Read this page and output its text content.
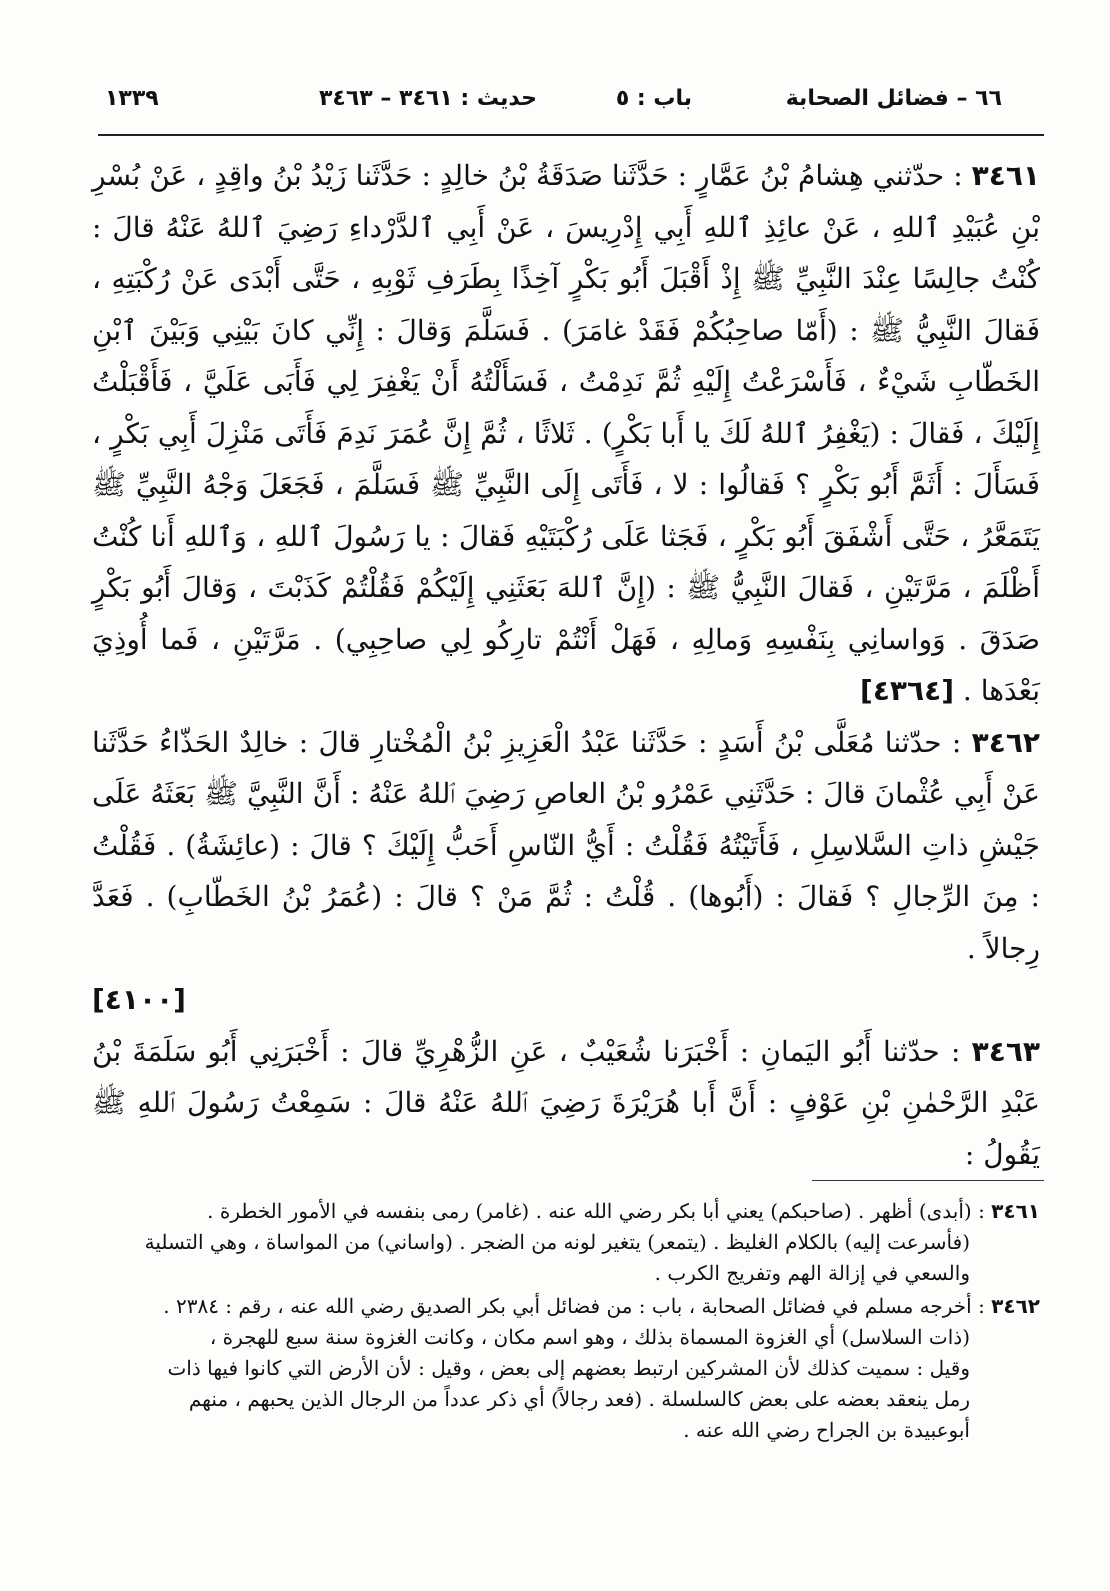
٦٦ – فضائل الصحابة
باب : ٥
حديث : ٣٤٦١ – ٣٤٦٣
١٣٣٩

٣٤٦١ : حدّثني هِشامُ بْنُ عَمَّارٍ : حَدَّثَنا صَدَقَةُ بْنُ خالِدٍ : حَدَّثَنا زَيْدُ بْنُ واقِدٍ ، عَنْ بُسْرِ بْنِ عُبَيْدِ ٱللهِ ، عَنْ عائِذِ ٱللهِ أَبِي إِدْرِيسَ ، عَنْ أَبِي ٱلدَّرْداءِ رَضِيَ ٱللهُ عَنْهُ قالَ : كُنْتُ جالِسًا عِنْدَ النَّبِيِّ ﷺ إِذْ أَقْبَلَ أَبُو بَكْرٍ آخِذًا بِطَرَفِ ثَوْبِهِ ، حَتَّى أَبْدَى عَنْ رُكْبَتِهِ ، فَقالَ النَّبِيُّ ﷺ : (أَمّا صاحِبُكُمْ فَقَدْ غامَرَ) . فَسَلَّمَ وَقالَ : إِنِّي كانَ بَيْنِي وَبَيْنَ ٱبْنِ الخَطّابِ شَيْءٌ ، فَأَسْرَعْتُ إِلَيْهِ ثُمَّ نَدِمْتُ ، فَسَأَلْتُهُ أَنْ يَغْفِرَ لِي فَأَبَى عَلَيَّ ، فَأَقْبَلْتُ إِلَيْكَ ، فَقالَ : (يَغْفِرُ ٱللهُ لَكَ يا أَبا بَكْرٍ) . ثَلاثًا ، ثُمَّ إِنَّ عُمَرَ نَدِمَ فَأَتَى مَنْزِلَ أَبِي بَكْرٍ ، فَسَأَلَ : أَثَمَّ أَبُو بَكْرٍ ؟ فَقالُوا : لا ، فَأَتَى إِلَى النَّبِيِّ ﷺ فَسَلَّمَ ، فَجَعَلَ وَجْهُ النَّبِيِّ ﷺ يَتَمَعَّرُ ، حَتَّى أَشْفَقَ أَبُو بَكْرٍ ، فَجَثا عَلَى رُكْبَتَيْهِ فَقالَ : يا رَسُولَ ٱللهِ ، وَٱللهِ أَنا كُنْتُ أَظْلَمَ ، مَرَّتَيْنِ ، فَقالَ النَّبِيُّ ﷺ : (إِنَّ ٱللهَ بَعَثَنِي إِلَيْكُمْ فَقُلْتُمْ كَذَبْتَ ، وَقالَ أَبُو بَكْرٍ صَدَقَ . وَواسانِي بِنَفْسِهِ وَمالِهِ ، فَهَلْ أَنْتُمْ تارِكُو لِي صاحِبِي) . مَرَّتَيْنِ ، فَما أُوذِيَ بَعْدَها . [٤٣٦٤]

٣٤٦٢ : حدّثنا مُعَلَّى بْنُ أَسَدٍ : حَدَّثَنا عَبْدُ الْعَزِيزِ بْنُ الْمُخْتارِ قالَ : خالِدٌ الحَذّاءُ حَدَّثَنا عَنْ أَبِي عُثْمانَ قالَ : حَدَّثَنِي عَمْرُو بْنُ العاصِ رَضِيَ ٱللهُ عَنْهُ : أَنَّ النَّبِيَّ ﷺ بَعَثَهُ عَلَى جَيْشِ ذاتِ السَّلاسِلِ ، فَأَتَيْتُهُ فَقُلْتُ : أَيُّ النّاسِ أَحَبُّ إِلَيْكَ ؟ قالَ : (عائِشَةُ) . فَقُلْتُ : مِنَ الرِّجالِ ؟ فَقالَ : (أَبُوها) . قُلْتُ : ثُمَّ مَنْ ؟ قالَ : (عُمَرُ بْنُ الخَطّابِ) . فَعَدَّ رِجالاً .
[٤١٠٠]

٣٤٦٣ : حدّثنا أَبُو اليَمانِ : أَخْبَرَنا شُعَيْبٌ ، عَنِ الزُّهْرِيِّ قالَ : أَخْبَرَنِي أَبُو سَلَمَةَ بْنُ عَبْدِ الرَّحْمٰنِ بْنِ عَوْفٍ : أَنَّ أَبا هُرَيْرَةَ رَضِيَ ٱللهُ عَنْهُ قالَ : سَمِعْتُ رَسُولَ ٱللهِ ﷺ يَقُولُ :

٣٤٦١ : (أبدى) أظهر . (صاحبكم) يعني أبا بكر رضي الله عنه . (غامر) رمى بنفسه في الأمور الخطرة .
(فأسرعت إليه) بالكلام الغليظ . (يتمعر) يتغير لونه من الضجر . (واساني) من المواساة ، وهي التسلية
والسعي في إزالة الهم وتفريج الكرب .
٣٤٦٢ : أخرجه مسلم في فضائل الصحابة ، باب : من فضائل أبي بكر الصديق رضي الله عنه ، رقم : ٢٣٨٤ .
(ذات السلاسل) أي الغزوة المسماة بذلك ، وهو اسم مكان ، وكانت الغزوة سنة سبع للهجرة ،
وقيل : سميت كذلك لأن المشركين ارتبط بعضهم إلى بعض ، وقيل : لأن الأرض التي كانوا فيها ذات
رمل ينعقد بعضه على بعض كالسلسلة . (فعد رجالاً) أي ذكر عدداً من الرجال الذين يحبهم ، منهم
أبوعبيدة بن الجراح رضي الله عنه .
